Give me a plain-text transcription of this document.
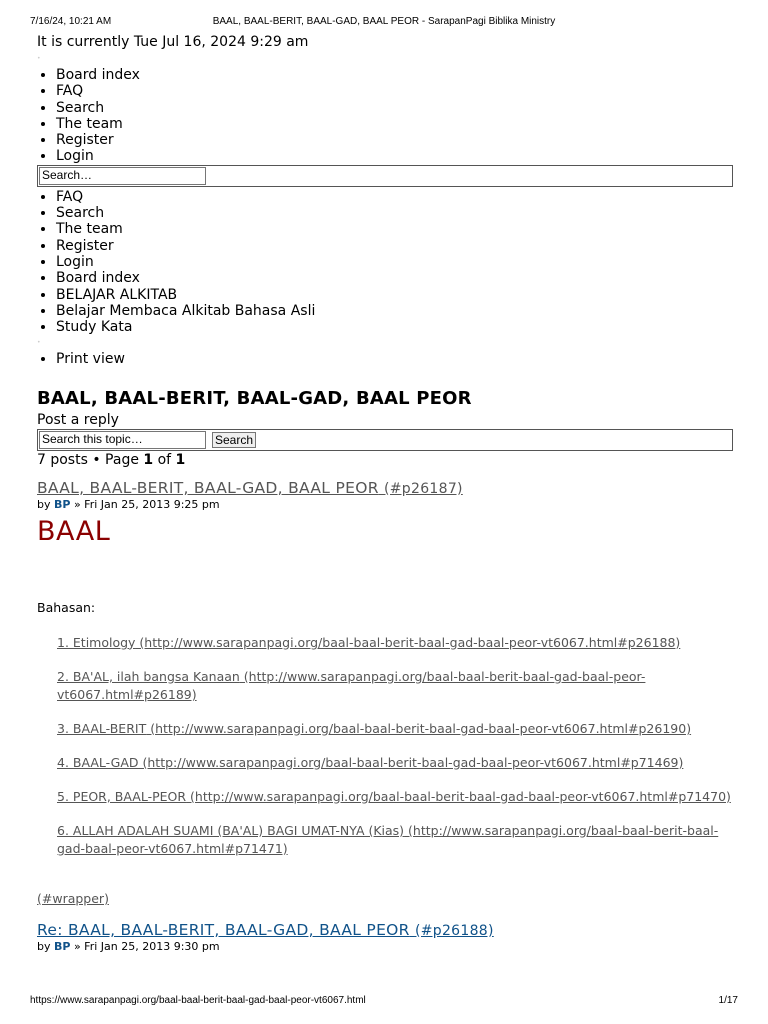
7/16/24, 10:21 AM	BAAL, BAAL-BERIT, BAAL-GAD, BAAL PEOR - SarapanPagi Biblika Ministry
It is currently Tue Jul 16, 2024 9:29 am
•
• Board index
• FAQ
• Search
• The team
• Register
• Login
Search…
• FAQ
• Search
• The team
• Register
• Login
• Board index
• BELAJAR ALKITAB
• Belajar Membaca Alkitab Bahasa Asli
• Study Kata
•
• Print view
BAAL, BAAL-BERIT, BAAL-GAD, BAAL PEOR
Post a reply
Search this topic…	Search
7 posts • Page 1 of 1
BAAL, BAAL-BERIT, BAAL-GAD, BAAL PEOR (#p26187)
by BP » Fri Jan 25, 2013 9:25 pm
BAAL
Bahasan:
1. Etimology (http://www.sarapanpagi.org/baal-baal-berit-baal-gad-baal-peor-vt6067.html#p26188)
2. BA'AL, ilah bangsa Kanaan (http://www.sarapanpagi.org/baal-baal-berit-baal-gad-baal-peor-vt6067.html#p26189)
3. BAAL-BERIT (http://www.sarapanpagi.org/baal-baal-berit-baal-gad-baal-peor-vt6067.html#p26190)
4. BAAL-GAD (http://www.sarapanpagi.org/baal-baal-berit-baal-gad-baal-peor-vt6067.html#p71469)
5. PEOR, BAAL-PEOR (http://www.sarapanpagi.org/baal-baal-berit-baal-gad-baal-peor-vt6067.html#p71470)
6. ALLAH ADALAH SUAMI (BA'AL) BAGI UMAT-NYA (Kias) (http://www.sarapanpagi.org/baal-baal-berit-baal-gad-baal-peor-vt6067.html#p71471)
(#wrapper)
Re: BAAL, BAAL-BERIT, BAAL-GAD, BAAL PEOR (#p26188)
by BP » Fri Jan 25, 2013 9:30 pm
https://www.sarapanpagi.org/baal-baal-berit-baal-gad-baal-peor-vt6067.html	1/17
